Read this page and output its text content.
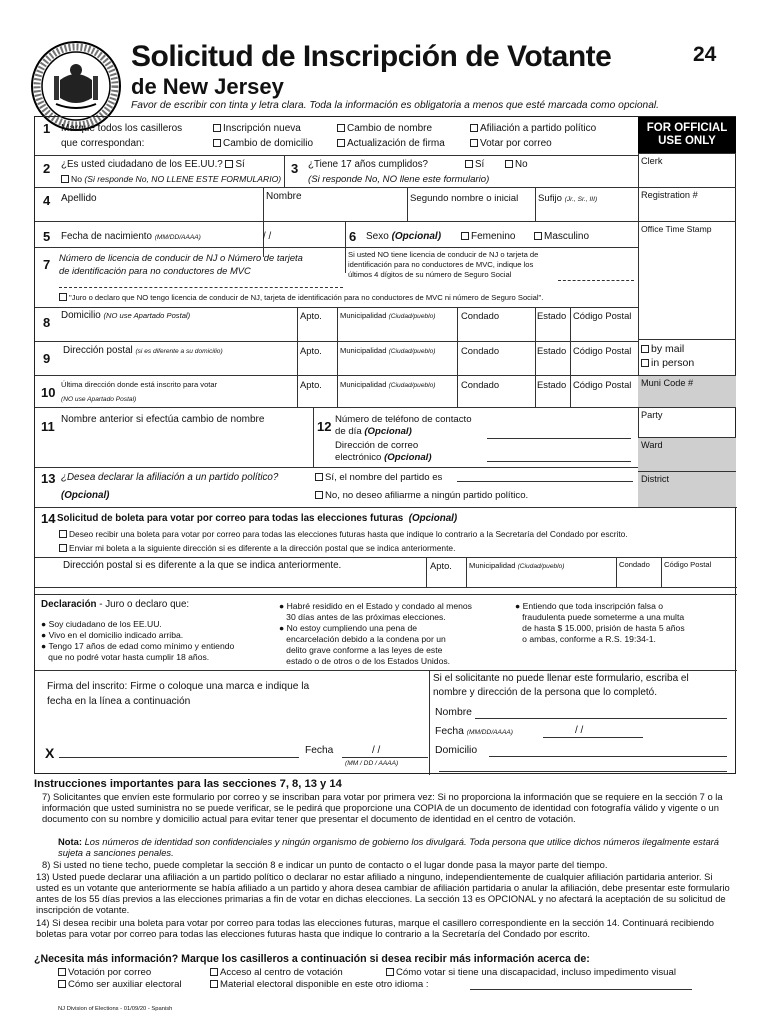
Solicitud de Inscripción de Votante	24
de New Jersey
Favor de escribir con tinta y letra clara. Toda la información es obligatoria a menos que esté marcada como opcional.
FOR OFFICIAL
USE ONLY
Clerk
Registration #
Office Time Stamp
by mail
in person
Muni Code #
Party
Ward
District
1 Marque todos los casilleros
que correspondan:
Inscripción nueva	Cambio de nombre	Afiliación a partido político
Cambio de domicilio	Actualización de firma	Votar por correo
2 ¿Es usted ciudadano de los EE.UU.? Sí
No (Si responde No, NO LLENE ESTE FORMULARIO)
3 ¿Tiene 17 años cumplidos?	Sí	No
(Si responde No, NO llene este formulario)
4 Apellido	Nombre	Segundo nombre o inicial Sufijo (Jr., Sr., III)
5 Fecha de nacimiento (MM/DD/AAAA)	/ /	6 Sexo (Opcional)	Femenino	Masculino
7 Número de licencia de conducir de NJ o Número de tarjeta
de identificación para no conductores de MVC
Si usted NO tiene licencia de conducir de NJ o tarjeta de
identificación para no conductores de MVC, indique los
últimos 4 dígitos de su número de Seguro Social
"Juro o declaro que NO tengo licencia de conducir de NJ, tarjeta de identificación para no conductores de MVC ni número de Seguro Social".
8 Domicilio (NO use Apartado Postal)	Apto. Municipalidad (Ciudad/pueblo)	Condado	Estado Código Postal
9
Dirección postal (si es diferente a su domicilio)	Apto. Municipalidad (Ciudad/pueblo)	Condado	Estado Código Postal
10
Última dirección donde está inscrito para votar
(NO use Apartado Postal)
Apto. Municipalidad (Ciudad/pueblo)	Condado	Estado Código Postal
11 Nombre anterior si efectúa cambio de nombre	12 Número de teléfono de contacto
de día (Opcional)
Dirección de correo
electrónico (Opcional)
13 ¿Desea declarar la afiliación a un partido político?	Sí, el nombre del partido es
(Opcional)	No, no deseo afiliarme a ningún partido político.
14 Solicitud de boleta para votar por correo para todas las elecciones futuras (Opcional)
Deseo recibir una boleta para votar por correo para todas las elecciones futuras hasta que indique lo contrario a la Secretaría del Condado por escrito.
Enviar mi boleta a la siguiente dirección si es diferente a la dirección postal que se indica anteriormente.
Dirección postal si es diferente a la que se indica anteriormente.	Apto. Municipalidad (Ciudad/pueblo)	Condado Código Postal
Declaración - Juro o declaro que:
● Soy ciudadano de los EE.UU.
● Vivo en el domicilio indicado arriba.
● Tengo 17 años de edad como mínimo y entiendo
que no podré votar hasta cumplir 18 años.
● Habré residido en el Estado y condado al menos
30 días antes de las próximas elecciones.
● No estoy cumpliendo una pena de
encarcelación debido a la condena por un
delito grave conforme a las leyes de este
estado o de otros o de los Estados Unidos.
● Entiendo que toda inscripción falsa o
fraudulenta puede someterme a una multa
de hasta $ 15.000, prisión de hasta 5 años
o ambas, conforme a R.S. 19:34-1.
Firma del inscrito: Firme o coloque una marca e indique la
fecha en la línea a continuación
X	Fecha	/ /
(MM / DD / AAAA)
Si el solicitante no puede llenar este formulario, escriba el
nombre y dirección de la persona que lo completó.
Nombre
Fecha (MM/DD/AAAA)	/ /
Domicilio
Instrucciones importantes para las secciones 7, 8, 13 y 14
7) Solicitantes que envíen este formulario por correo y se inscriban para votar por primera vez: Si no proporciona la información que se requiere en la sección 7 o la información que usted suministra no se puede verificar, se le pedirá que proporcione una COPIA de un documento de identidad con fotografía válido y vigente o un documento con su nombre y domicilio actual para evitar tener que presentar el documento de identidad en el centro de votación.
Nota: Los números de identidad son confidenciales y ningún organismo de gobierno los divulgará. Toda persona que utilice dichos números ilegalmente estará sujeta a sanciones penales.
8) Si usted no tiene techo, puede completar la sección 8 e indicar un punto de contacto o el lugar donde pasa la mayor parte del tiempo.
13) Usted puede declarar una afiliación a un partido político o declarar no estar afiliado a ninguno, independientemente de cualquier afiliación partidaria anterior. Si usted es un votante que anteriormente se había afiliado a un partido y ahora desea cambiar de afiliación partidaria o anular la afiliación, debe presentar este formulario antes de los 55 días previos a las elecciones primarias a fin de votar en dichas elecciones. La sección 13 es OPCIONAL y no afectará la aceptación de su solicitud de inscripción de votante.
14) Si desea recibir una boleta para votar por correo para todas las elecciones futuras, marque el casillero correspondiente en la sección 14. Continuará recibiendo boletas para votar por correo para todas las elecciones futuras hasta que indique lo contrario a la Secretaría del Condado por escrito.
¿Necesita más información? Marque los casilleros a continuación si desea recibir más información acerca de:
Votación por correo	Acceso al centro de votación	Cómo votar si tiene una discapacidad, incluso impedimento visual
Cómo ser auxiliar electoral	Material electoral disponible en este otro idioma :
NJ Division of Elections - 01/09/20 - Spanish
